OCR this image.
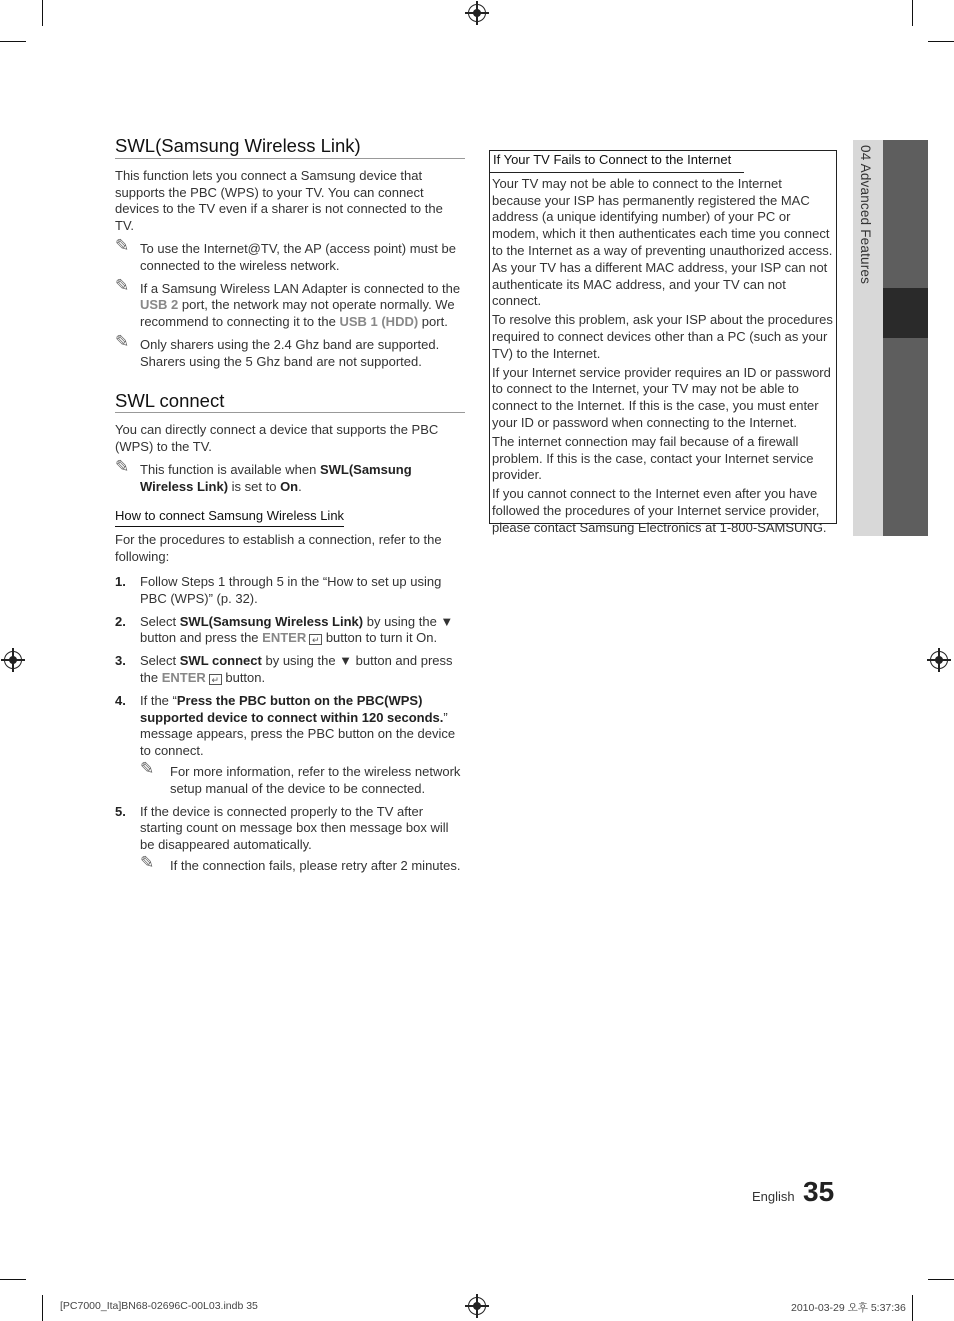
SWL(Samsung Wireless Link)

This function lets you connect a Samsung device that supports the PBC (WPS) to your TV. You can connect devices to the TV even if a sharer is not connected to the TV.

✎ To use the Internet@TV, the AP (access point) must be connected to the wireless network.
✎ If a Samsung Wireless LAN Adapter is connected to the USB 2 port, the network may not operate normally. We recommend to connecting it to the USB 1 (HDD) port.
✎ Only sharers using the 2.4 Ghz band are supported. Sharers using the 5 Ghz band are not supported.
SWL connect

You can directly connect a device that supports the PBC (WPS) to the TV.

✎ This function is available when SWL(Samsung Wireless Link) is set to On.
How to connect Samsung Wireless Link

For the procedures to establish a connection, refer to the following:

1. Follow Steps 1 through 5 in the “How to set up using PBC (WPS)” (p. 32).
2. Select SWL(Samsung Wireless Link) by using the ▼ button and press the ENTER ↵ button to turn it On.
3. Select SWL connect by using the ▼ button and press the ENTER ↵ button.
4. If the “Press the PBC button on the PBC(WPS) supported device to connect within 120 seconds.” message appears, press the PBC button on the device to connect.
✎ For more information, refer to the wireless network setup manual of the device to be connected.
5. If the device is connected properly to the TV after starting count on message box then message box will be disappeared automatically.
✎ If the connection fails, please retry after 2 minutes.
If Your TV Fails to Connect to the Internet

Your TV may not be able to connect to the Internet because your ISP has permanently registered the MAC address (a unique identifying number) of your PC or modem, which it then authenticates each time you connect to the Internet as a way of preventing unauthorized access. As your TV has a different MAC address, your ISP can not authenticate its MAC address, and your TV can not connect.

To resolve this problem, ask your ISP about the procedures required to connect devices other than a PC (such as your TV) to the Internet.

If your Internet service provider requires an ID or password to connect to the Internet, your TV may not be able to connect to the Internet. If this is the case, you must enter your ID or password when connecting to the Internet.

The internet connection may fail because of a firewall problem. If this is the case, contact your Internet service provider.

If you cannot connect to the Internet even after you have followed the procedures of your Internet service provider, please contact Samsung Electronics at 1-800-SAMSUNG.

04 Advanced Features
English 35
[PC7000_Ita]BN68-02696C-00L03.indb 35	2010-03-29 오후 5:37:36
